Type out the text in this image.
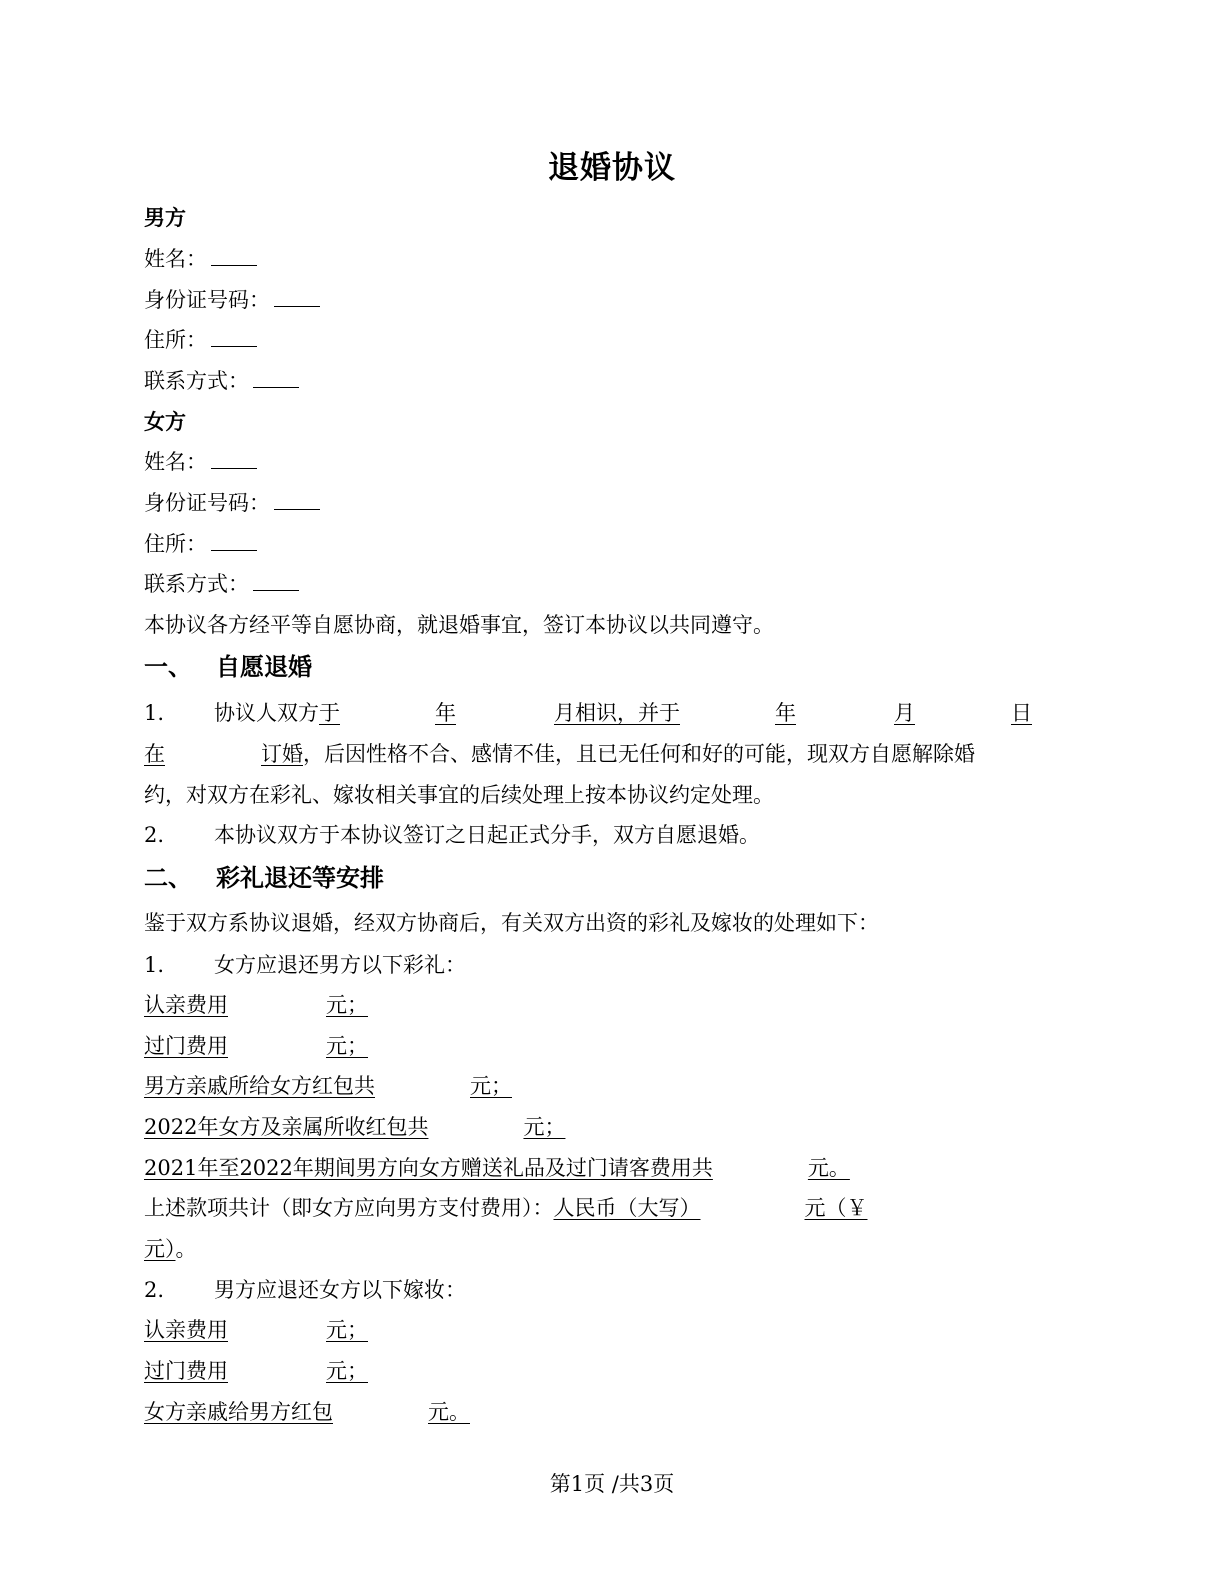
退婚协议
男方
姓名：
身份证号码：
住所：
联系方式：
女方
姓名：
身份证号码：
住所：
联系方式：
本协议各方经平等自愿协商，就退婚事宜，签订本协议以共同遵守。
一、 自愿退婚
1. 协议人双方于	年	月相识，并于	年	月	日
在	订婚，后因性格不合、感情不佳，且已无任何和好的可能，现双方自愿解除婚
约，对双方在彩礼、嫁妆相关事宜的后续处理上按本协议约定处理。
2. 本协议双方于本协议签订之日起正式分手，双方自愿退婚。
二、 彩礼退还等安排
鉴于双方系协议退婚，经双方协商后，有关双方出资的彩礼及嫁妆的处理如下：
1. 女方应退还男方以下彩礼：
认亲费用	元；
过门费用	元；
男方亲戚所给女方红包共	元；
2022年女方及亲属所收红包共	元；
2021年至2022年期间男方向女方赠送礼品及过门请客费用共	元。
上述款项共计（即女方应向男方支付费用）：人民币（大写）	元（￥
元）。
2. 男方应退还女方以下嫁妆：
认亲费用	元；
过门费用	元；
女方亲戚给男方红包	元。
第1页 /共3页
